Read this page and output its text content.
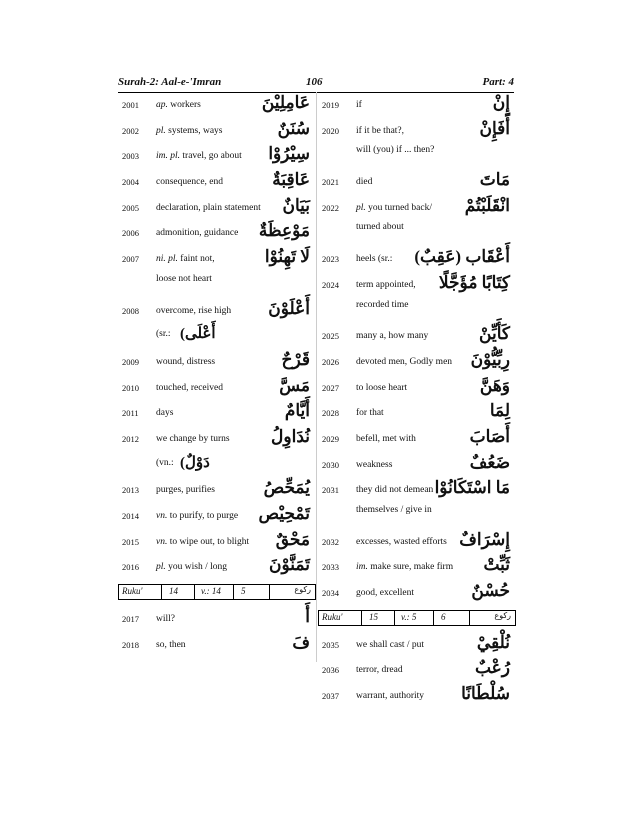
Surah-2: Aal-e-'Imran	106	Part: 4
2001 ap. workers	عَامِلِيْنَ
2002 pl. systems, ways	سُنَنٌ
2003 im. pl. travel, go about سِيْرُوْا
2004 consequence, end	عَاقِبَةٌ
2005 declaration, plain statement بَيَانٌ
2006 admonition, guidance مَوْعِظَةٌ
2007 ni. pl. faint not,	لَا تَهِنُوْا
loose not heart
2008 overcome, rise high أَعْلَوْنَ
(sr.: أَعْلَى)
2009 wound, distress	قَرْحٌ
2010 touched, received	مَسَّ
2011 days	أَيَّامٌ
2012 we change by turns نُدَاوِلُ
(vn.: دَوْلٌ)
2013 purges, purifies	يُمَحِّصُ
2014 vn. to purify, to purge تَمْحِيْص
2015 vn. to wipe out, to blight مَحْقٌ
2016 pl. you wish / long تَمَنَّوْنَ
Ruku'	14	v.: 14 5	ركوع
2017 will?	أَ
2018 so, then	فَ
2019 if	إِنْ
2020 if it be that?,	أَفَإِنْ
will (you) if ... then?
2021 died	مَاتَ
2022 pl. you turned back/ انْقَلَبْتُمْ
turned about
2023 heels (sr.: أَعْقَاب (عَقِبٌ)
2024 term appointed, كِتَابًا مُؤَجَّلًا
recorded time
2025 many a, how many	كَأَيِّنْ
2026 devoted men, Godly men رِبِّيُّوْنَ
2027 to loose heart	وَهَنَّ
2028 for that	لِمَا
2029 befell, met with	أَصَابَ
2030 weakness	ضَعُفٌ
2031 they did not demean مَا اسْتَكَانُوْا
themselves / give in
2032 excesses, wasted efforts إِسْرَافٌ
2033 im. make sure, make firm ثَبِّتْ
2034 good, excellent	حُسْنٌ
Ruku'	15	v.: 5	6	ركوع
2035 we shall cast / put	نُلْقِيْ
2036 terror, dread	رُعْبٌ
2037 warrant, authority سُلْطَانًا
